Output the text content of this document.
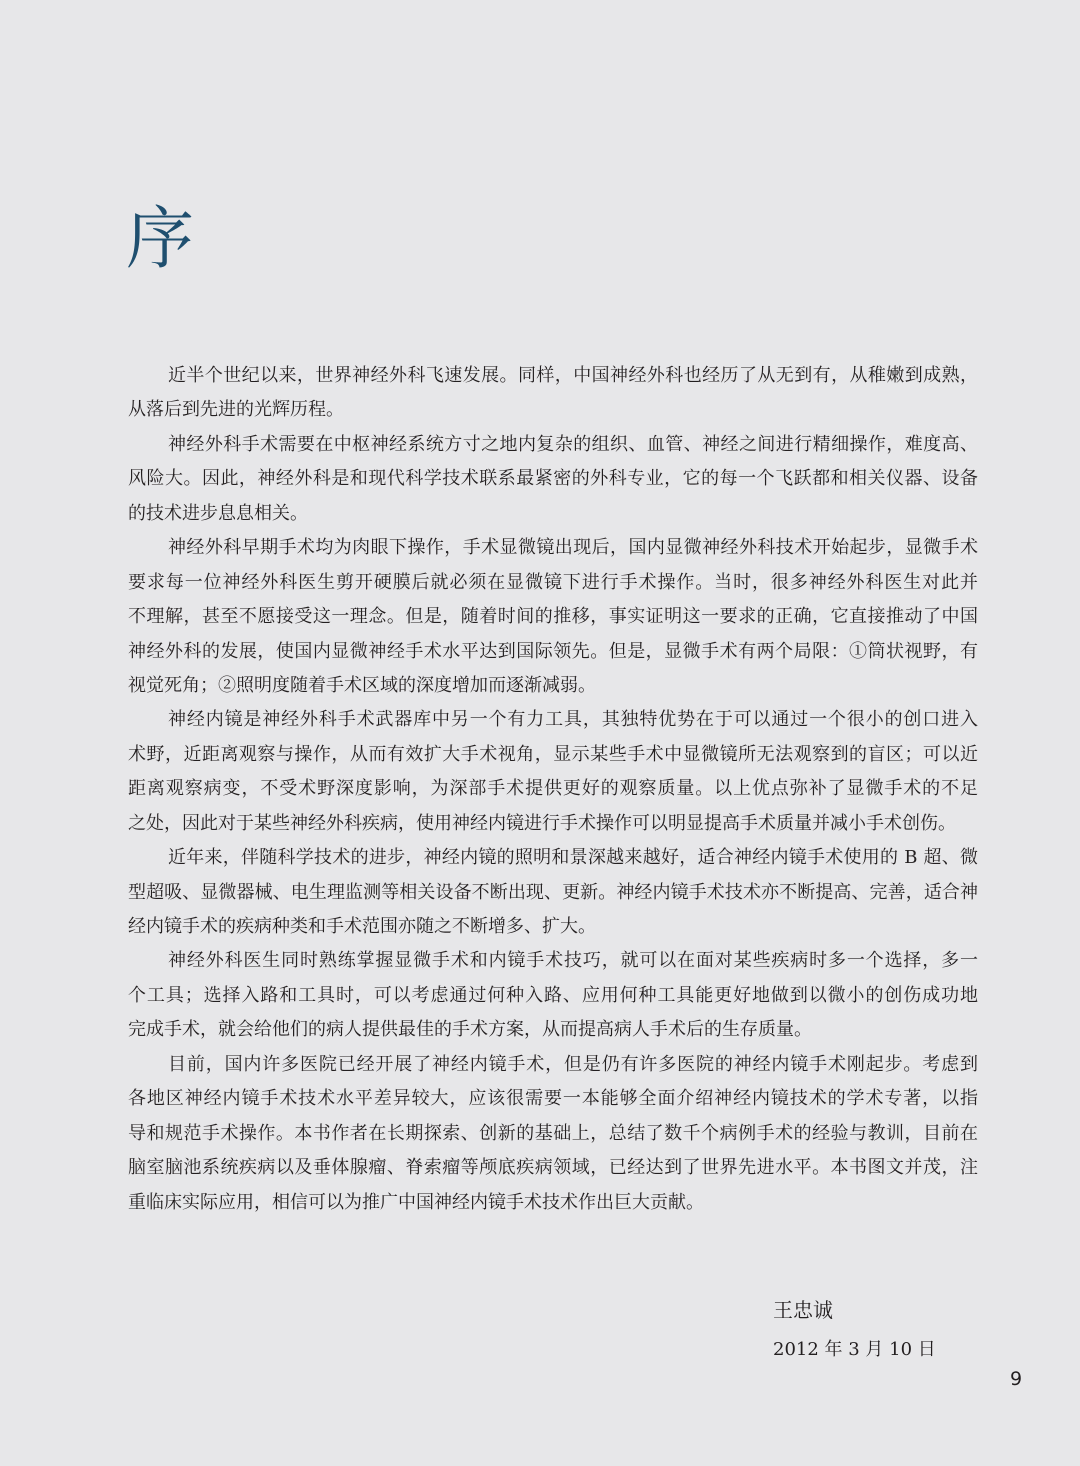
序
近半个世纪以来，世界神经外科飞速发展。同样，中国神经外科也经历了从无到有，从稚嫩到成熟，
从落后到先进的光辉历程。
神经外科手术需要在中枢神经系统方寸之地内复杂的组织、血管、神经之间进行精细操作，难度高、
风险大。因此，神经外科是和现代科学技术联系最紧密的外科专业，它的每一个飞跃都和相关仪器、设备
的技术进步息息相关。
神经外科早期手术均为肉眼下操作，手术显微镜出现后，国内显微神经外科技术开始起步，显微手术
要求每一位神经外科医生剪开硬膜后就必须在显微镜下进行手术操作。当时，很多神经外科医生对此并
不理解，甚至不愿接受这一理念。但是，随着时间的推移，事实证明这一要求的正确，它直接推动了中国
神经外科的发展，使国内显微神经手术水平达到国际领先。但是，显微手术有两个局限：①筒状视野，有
视觉死角；②照明度随着手术区域的深度增加而逐渐减弱。
神经内镜是神经外科手术武器库中另一个有力工具，其独特优势在于可以通过一个很小的创口进入
术野，近距离观察与操作，从而有效扩大手术视角，显示某些手术中显微镜所无法观察到的盲区；可以近
距离观察病变，不受术野深度影响，为深部手术提供更好的观察质量。以上优点弥补了显微手术的不足
之处，因此对于某些神经外科疾病，使用神经内镜进行手术操作可以明显提高手术质量并减小手术创伤。
近年来，伴随科学技术的进步，神经内镜的照明和景深越来越好，适合神经内镜手术使用的 B 超、微
型超吸、显微器械、电生理监测等相关设备不断出现、更新。神经内镜手术技术亦不断提高、完善，适合神
经内镜手术的疾病种类和手术范围亦随之不断增多、扩大。
神经外科医生同时熟练掌握显微手术和内镜手术技巧，就可以在面对某些疾病时多一个选择，多一
个工具；选择入路和工具时，可以考虑通过何种入路、应用何种工具能更好地做到以微小的创伤成功地
完成手术，就会给他们的病人提供最佳的手术方案，从而提高病人手术后的生存质量。
目前，国内许多医院已经开展了神经内镜手术，但是仍有许多医院的神经内镜手术刚起步。考虑到
各地区神经内镜手术技术水平差异较大，应该很需要一本能够全面介绍神经内镜技术的学术专著，以指
导和规范手术操作。本书作者在长期探索、创新的基础上，总结了数千个病例手术的经验与教训，目前在
脑室脑池系统疾病以及垂体腺瘤、脊索瘤等颅底疾病领域，已经达到了世界先进水平。本书图文并茂，注
重临床实际应用，相信可以为推广中国神经内镜手术技术作出巨大贡献。
王忠诚
2012 年 3 月 10 日
9
